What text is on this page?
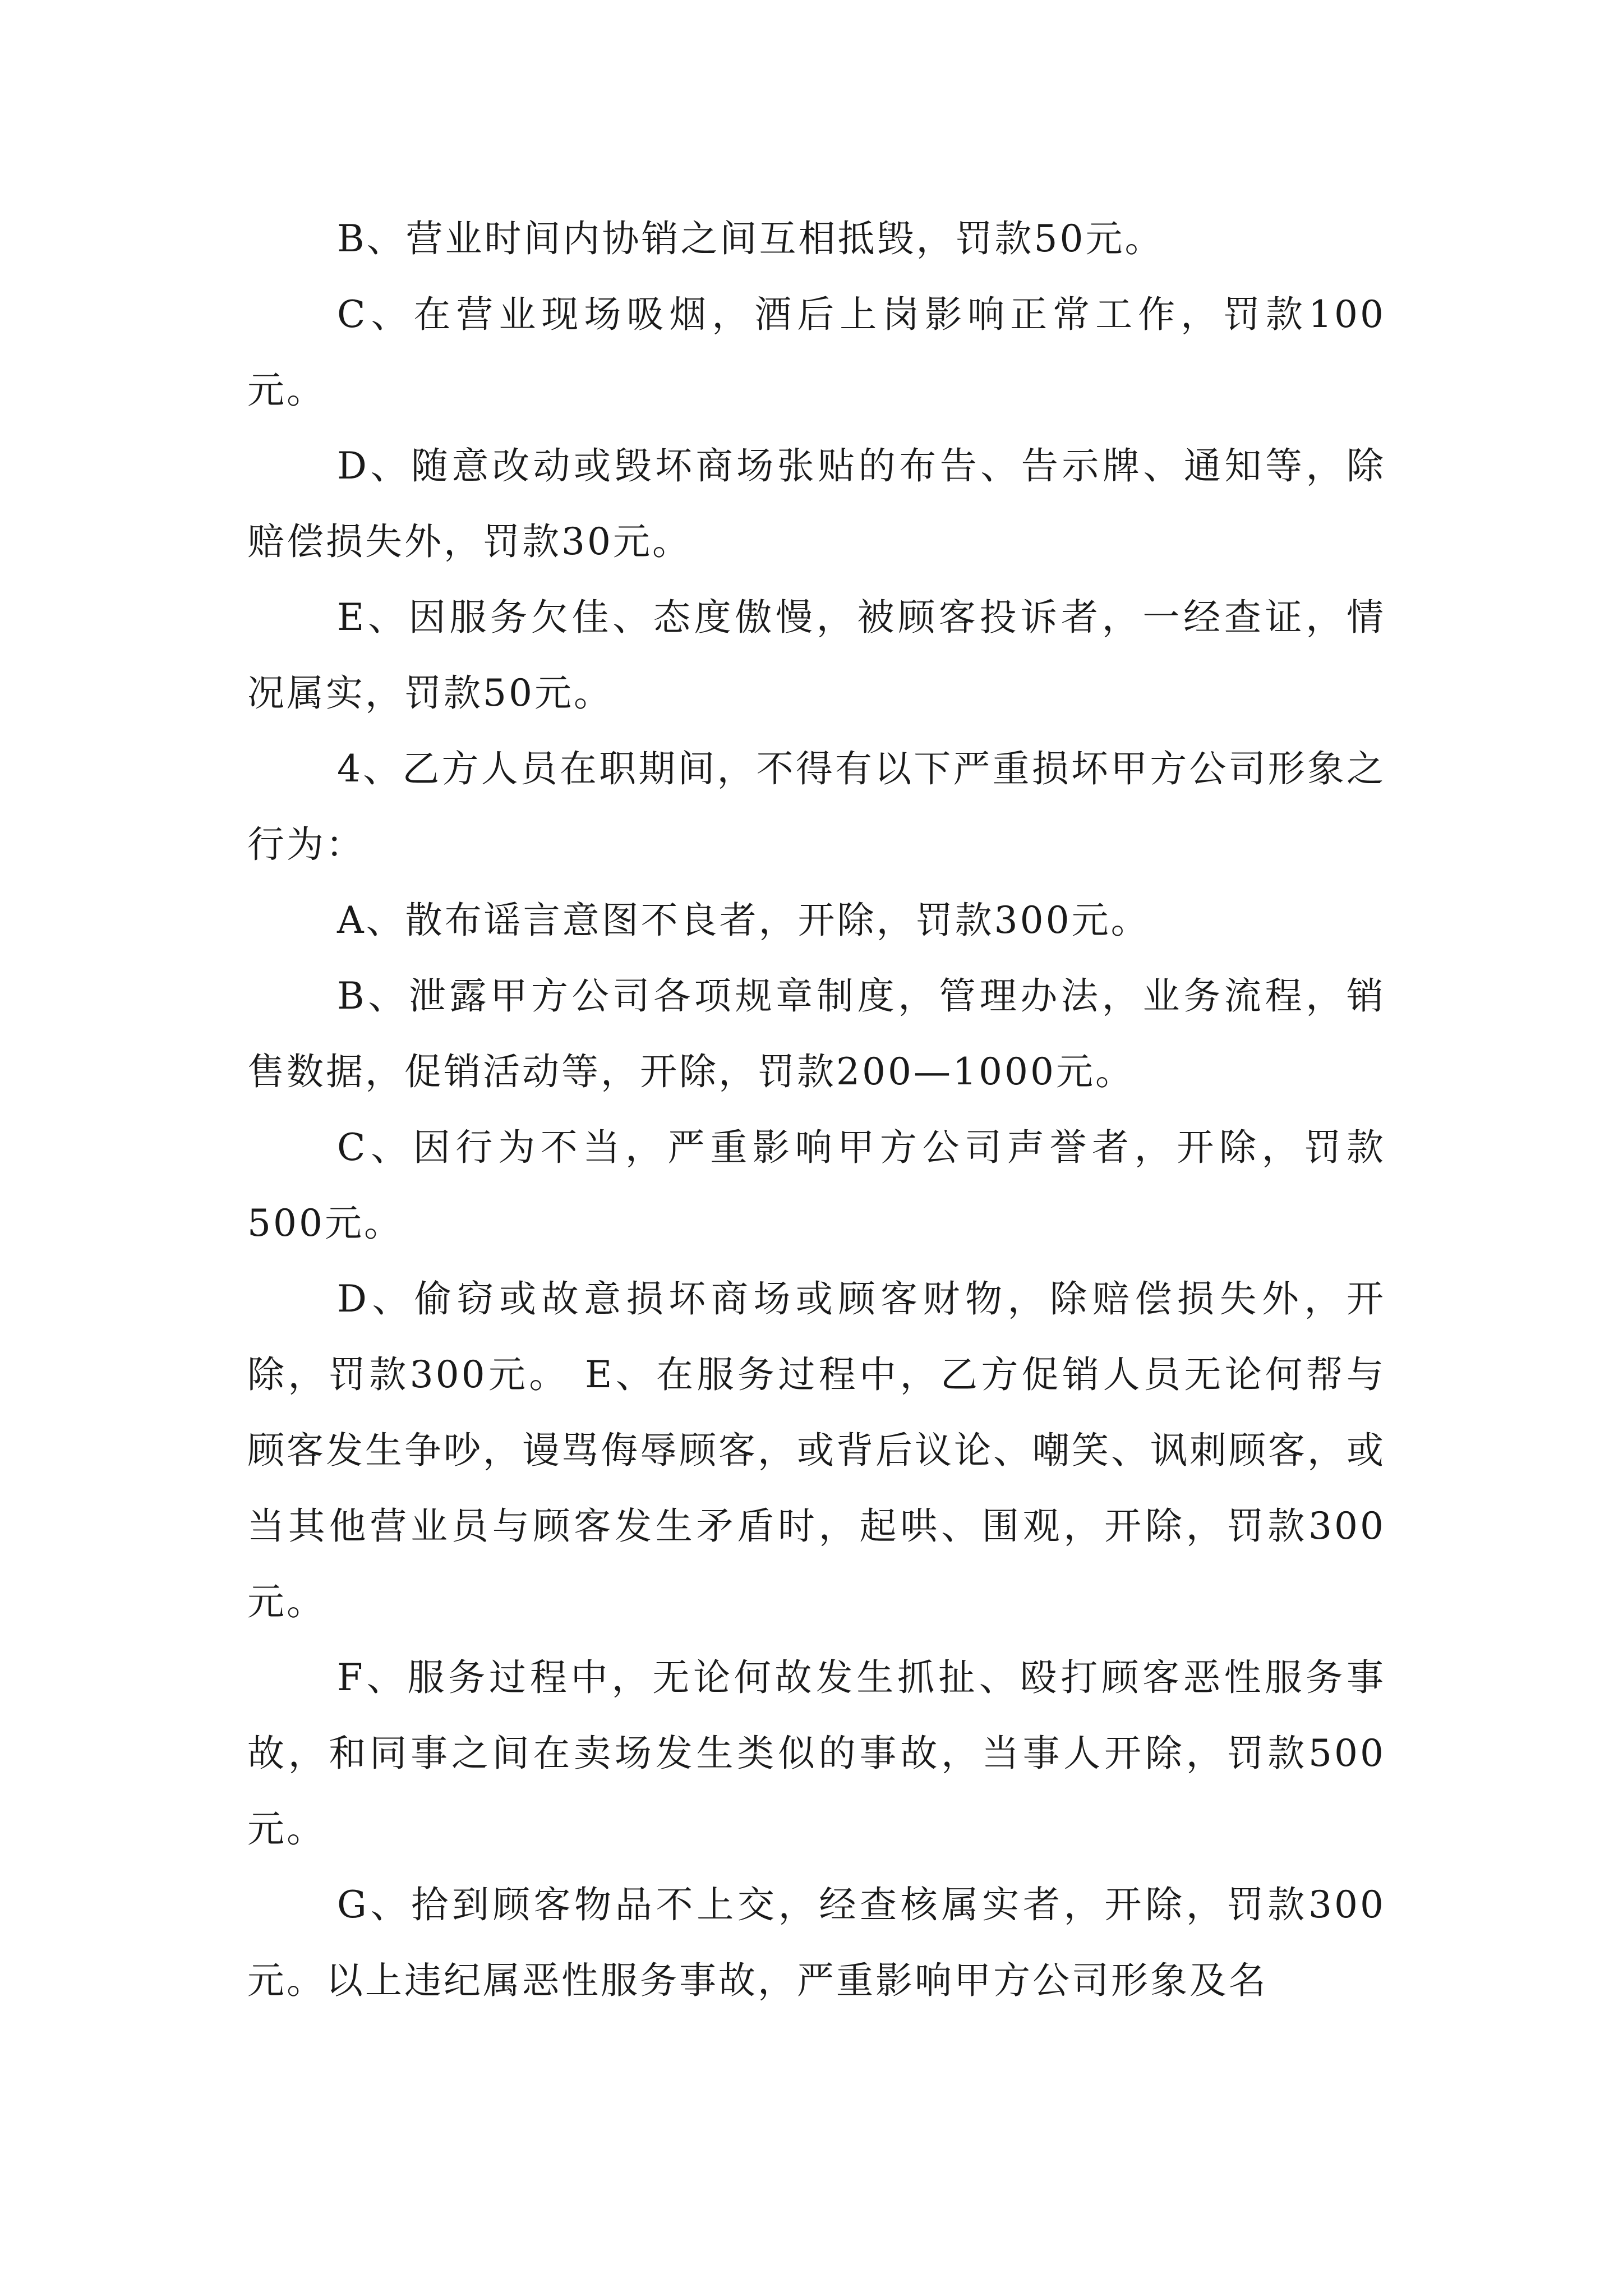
B、营业时间内协销之间互相抵毁，罚款50元。

C、在营业现场吸烟，酒后上岗影响正常工作，罚款100元。

D、随意改动或毁坏商场张贴的布告、告示牌、通知等，除赔偿损失外，罚款30元。

E、因服务欠佳、态度傲慢，被顾客投诉者，一经查证，情况属实，罚款50元。

4、乙方人员在职期间，不得有以下严重损坏甲方公司形象之行为：

A、散布谣言意图不良者，开除，罚款300元。

B、泄露甲方公司各项规章制度，管理办法，业务流程，销售数据，促销活动等，开除，罚款200—1000元。

C、因行为不当，严重影响甲方公司声誉者，开除，罚款500元。

D、偷窃或故意损坏商场或顾客财物，除赔偿损失外，开除，罚款300元。 E、在服务过程中，乙方促销人员无论何帮与顾客发生争吵，谩骂侮辱顾客，或背后议论、嘲笑、讽刺顾客，或当其他营业员与顾客发生矛盾时，起哄、围观，开除，罚款300元。

F、服务过程中，无论何故发生抓扯、殴打顾客恶性服务事故，和同事之间在卖场发生类似的事故，当事人开除，罚款500元。

G、拾到顾客物品不上交，经查核属实者，开除，罚款300元。以上违纪属恶性服务事故，严重影响甲方公司形象及名
